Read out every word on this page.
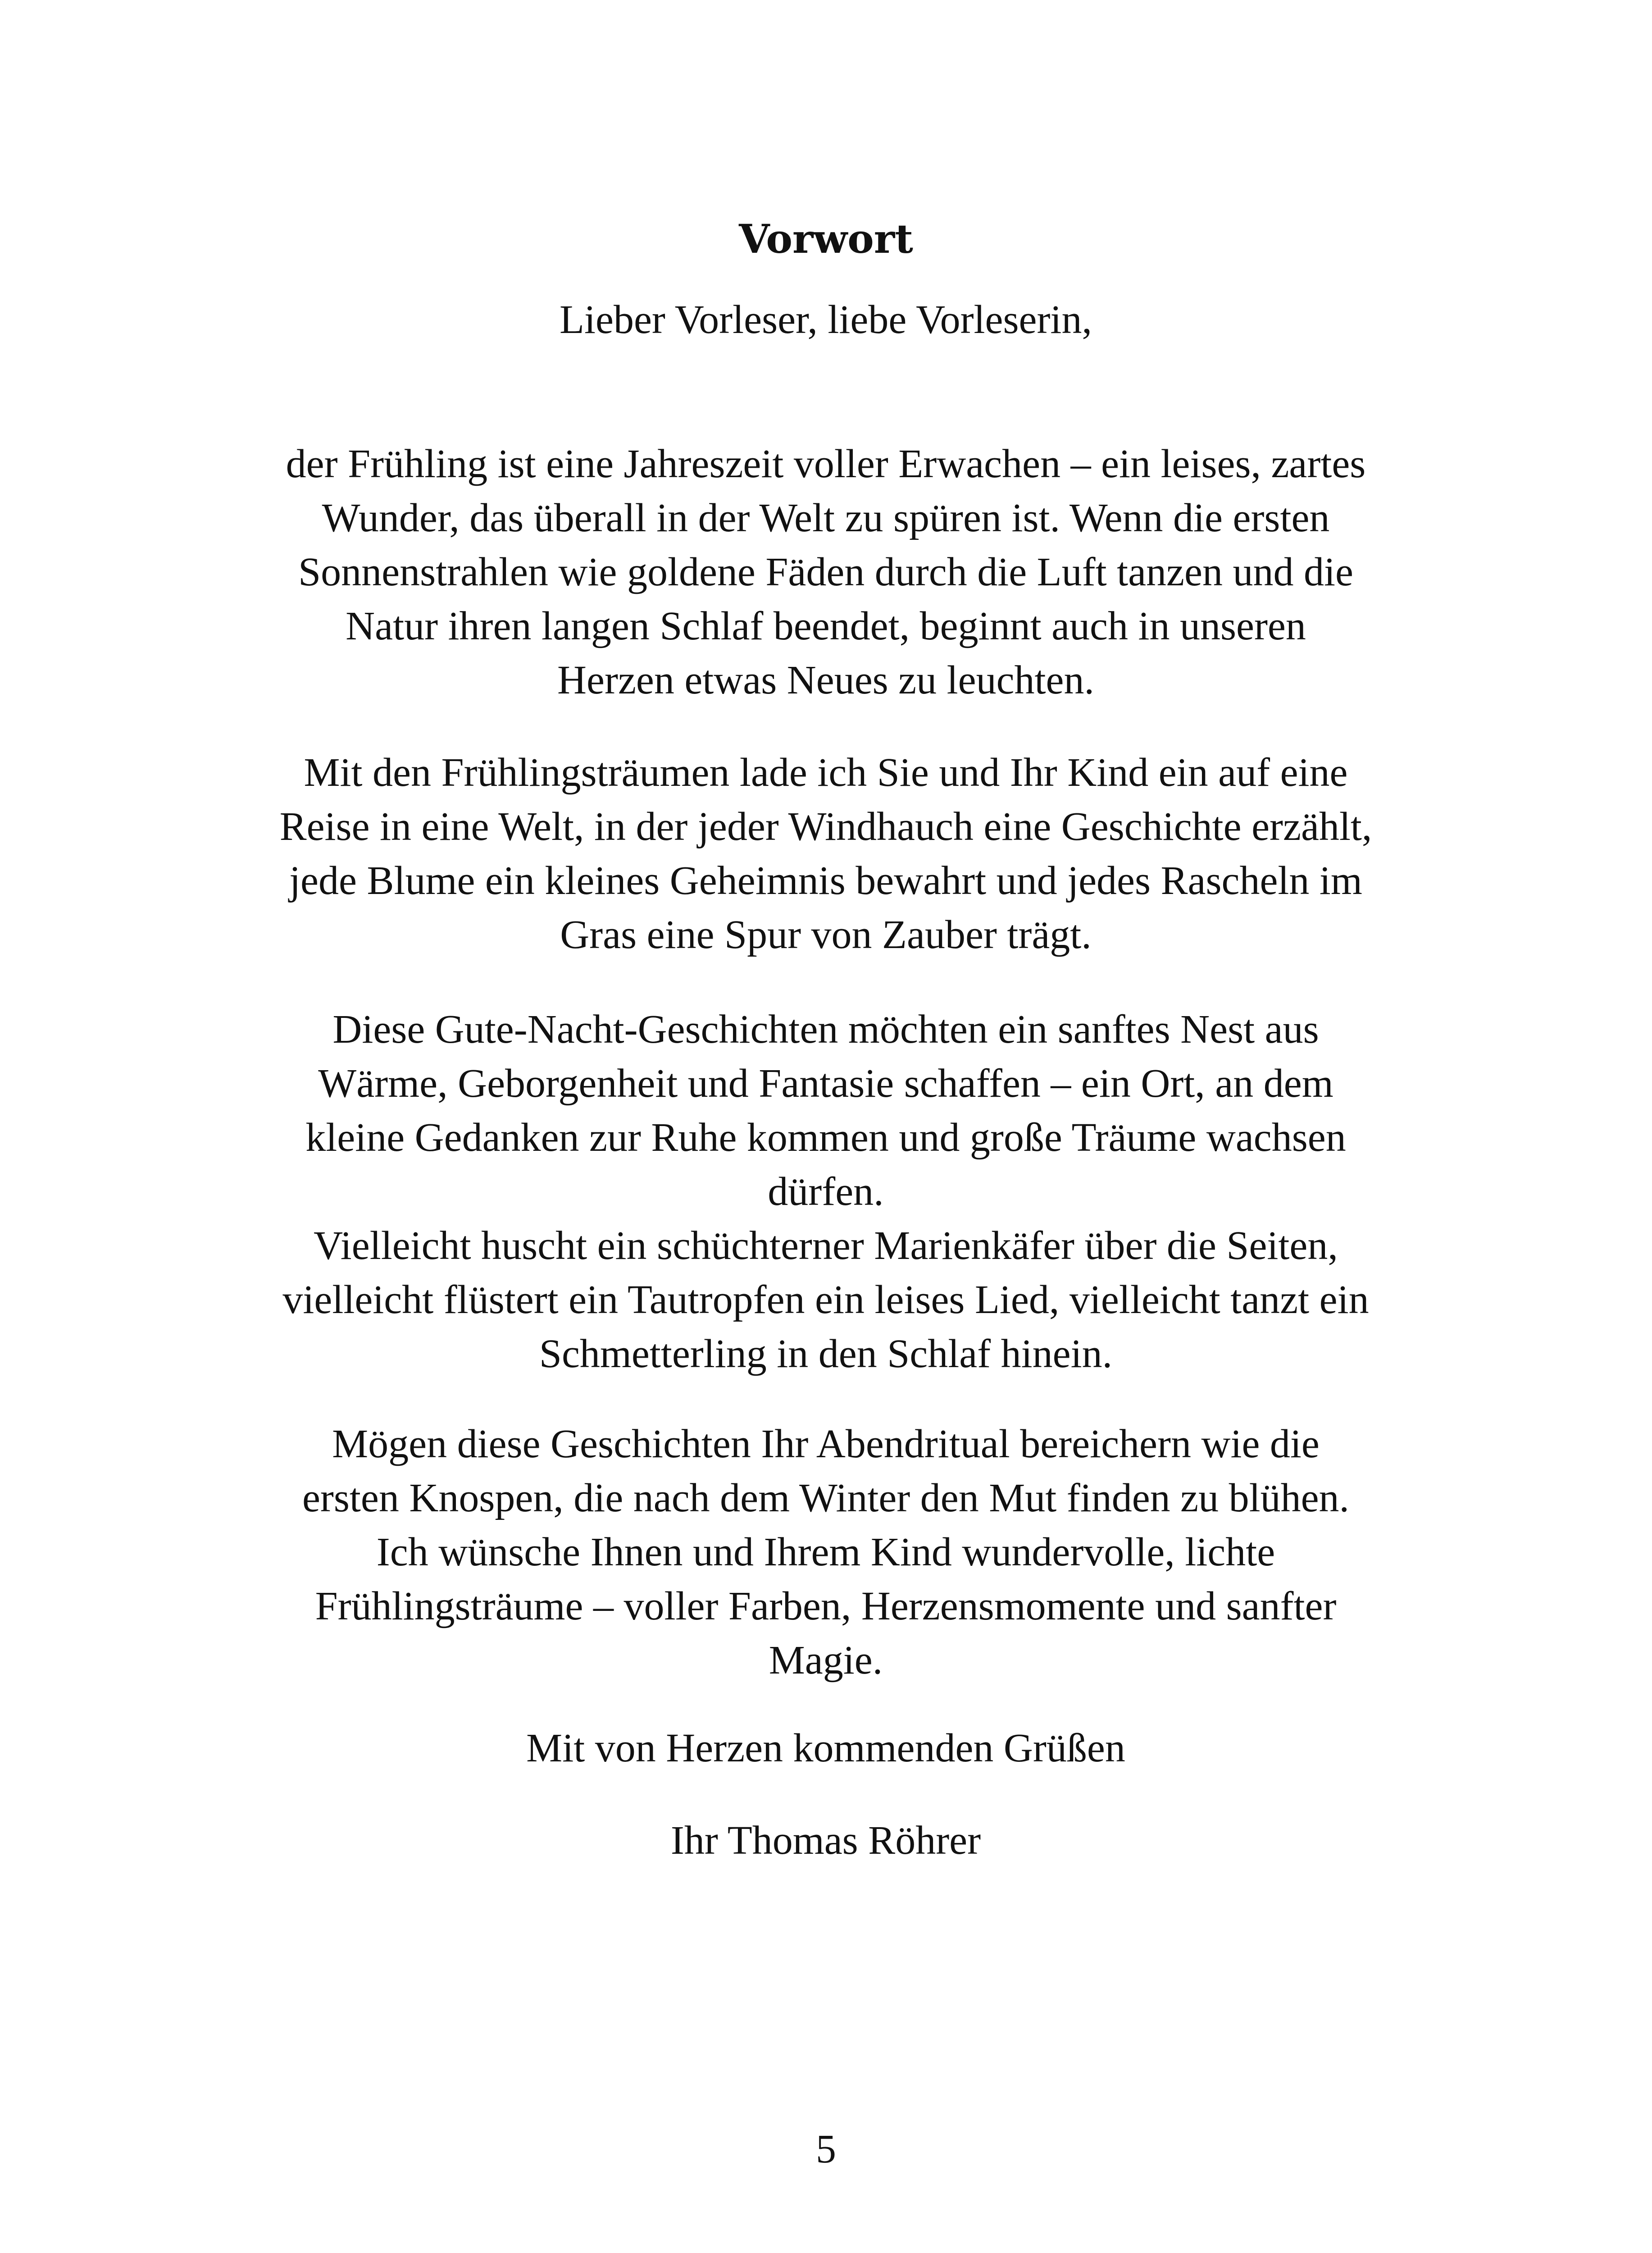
Vorwort

Lieber Vorleser, liebe Vorleserin,

der Frühling ist eine Jahreszeit voller Erwachen – ein leises, zartes
Wunder, das überall in der Welt zu spüren ist. Wenn die ersten
Sonnenstrahlen wie goldene Fäden durch die Luft tanzen und die
Natur ihren langen Schlaf beendet, beginnt auch in unseren
Herzen etwas Neues zu leuchten.

Mit den Frühlingsträumen lade ich Sie und Ihr Kind ein auf eine
Reise in eine Welt, in der jeder Windhauch eine Geschichte erzählt,
jede Blume ein kleines Geheimnis bewahrt und jedes Rascheln im
Gras eine Spur von Zauber trägt.

Diese Gute-Nacht-Geschichten möchten ein sanftes Nest aus
Wärme, Geborgenheit und Fantasie schaffen – ein Ort, an dem
kleine Gedanken zur Ruhe kommen und große Träume wachsen
dürfen.
Vielleicht huscht ein schüchterner Marienkäfer über die Seiten,
vielleicht flüstert ein Tautropfen ein leises Lied, vielleicht tanzt ein
Schmetterling in den Schlaf hinein.

Mögen diese Geschichten Ihr Abendritual bereichern wie die
ersten Knospen, die nach dem Winter den Mut finden zu blühen.
Ich wünsche Ihnen und Ihrem Kind wundervolle, lichte
Frühlingsträume – voller Farben, Herzensmomente und sanfter
Magie.

Mit von Herzen kommenden Grüßen

Ihr Thomas Röhrer

5
